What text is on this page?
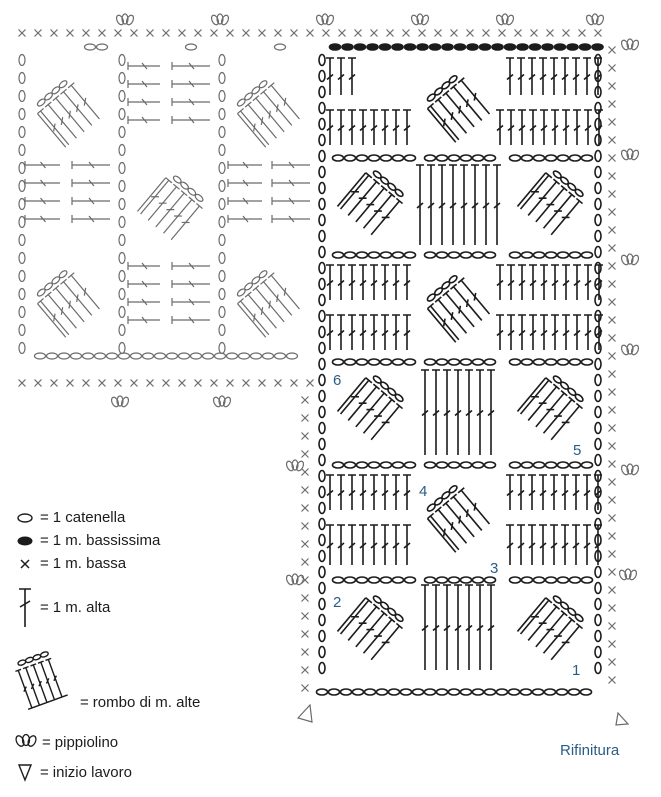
1
2
3
4
5
6
Rifinitura
= 1 catenella
= 1 m. bassissima
= 1 m. bassa
= 1 m. alta
= rombo di m. alte
= pippiolino
= inizio lavoro
